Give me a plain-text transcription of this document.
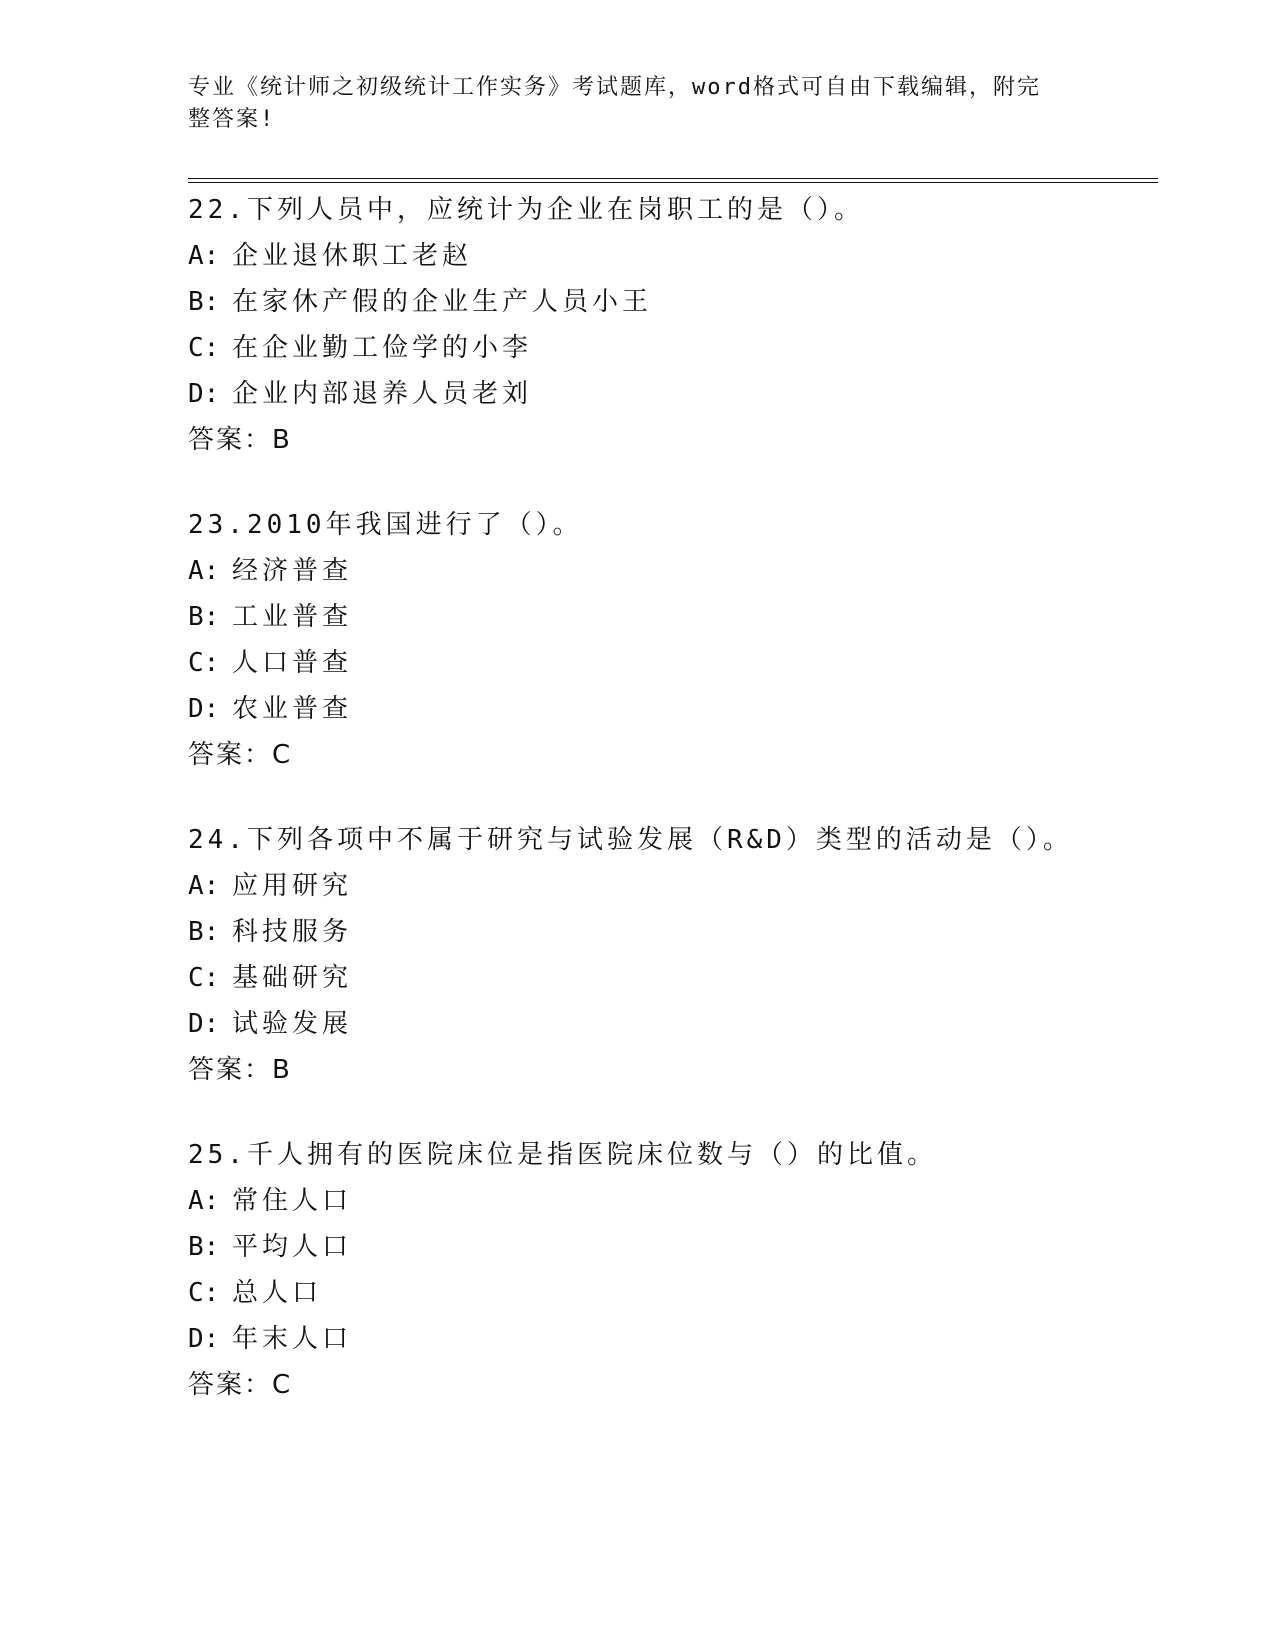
专业《统计师之初级统计工作实务》考试题库，word格式可自由下载编辑，附完
整答案!
22.下列人员中，应统计为企业在岗职工的是（）。
A: 企业退休职工老赵
B: 在家休产假的企业生产人员小王
C: 在企业勤工俭学的小李
D: 企业内部退养人员老刘
答案：B
23.2010年我国进行了（）。
A: 经济普查
B: 工业普查
C: 人口普查
D: 农业普查
答案：C
24.下列各项中不属于研究与试验发展（R&D）类型的活动是（）。
A: 应用研究
B: 科技服务
C: 基础研究
D: 试验发展
答案：B
25.千人拥有的医院床位是指医院床位数与（）的比值。
A: 常住人口
B: 平均人口
C: 总人口
D: 年末人口
答案：C
